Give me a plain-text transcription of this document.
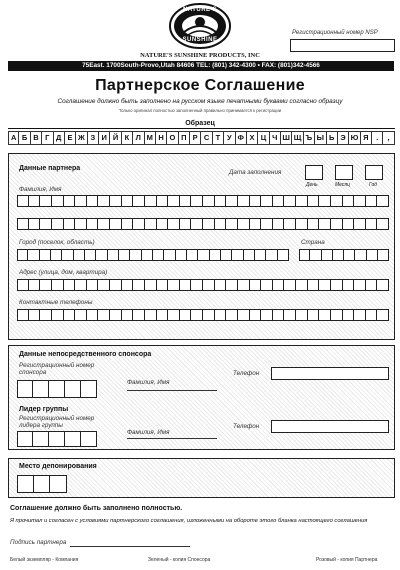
NATURE'S
SUNSHINE
NATURE'S SUNSHINE PRODUCTS, INC
Регистрационный номер NSP
75East. 1700South-Provo,Utah 84606 TEL: (801) 342-4300 • FAX: (801)342-4566
Партнерское Соглашение
Соглашение должно быть заполнено на русском языке печатными буквами согласно образцу
Только оригинал полностью заполненный правильно принимается к регистрации
Образец
А Б В Г Д Е Ж З И Й К Л М Н О П Р С Т У Ф Х Ц Ч Ш Щ Ъ Ы Ь Э Ю Я	.	,
Данные партнера
Дата заполнения
День	Месяц	Год
Фамилия, Имя
Город (поселок, область)	Страна
Адрес (улица, дом, квартира)
Контактные телефоны
Данные непосредственного спонсора
Регистрационный номер спонсора
Фамилия, Имя
Телефон
Лидер группы
Регистрационный номер лидера группы
Фамилия, Имя
Телефон
Место депонирования
Соглашение должно быть заполнено полностью.
Я прочитал и согласен с условиями партнерского соглашения, изложенными на обороте этого бланка настоящего соглашения
Подпись партнера
Белый экземпляр - Компания	Зеленый - копия Спонсора	Розовый - копия Партнера
